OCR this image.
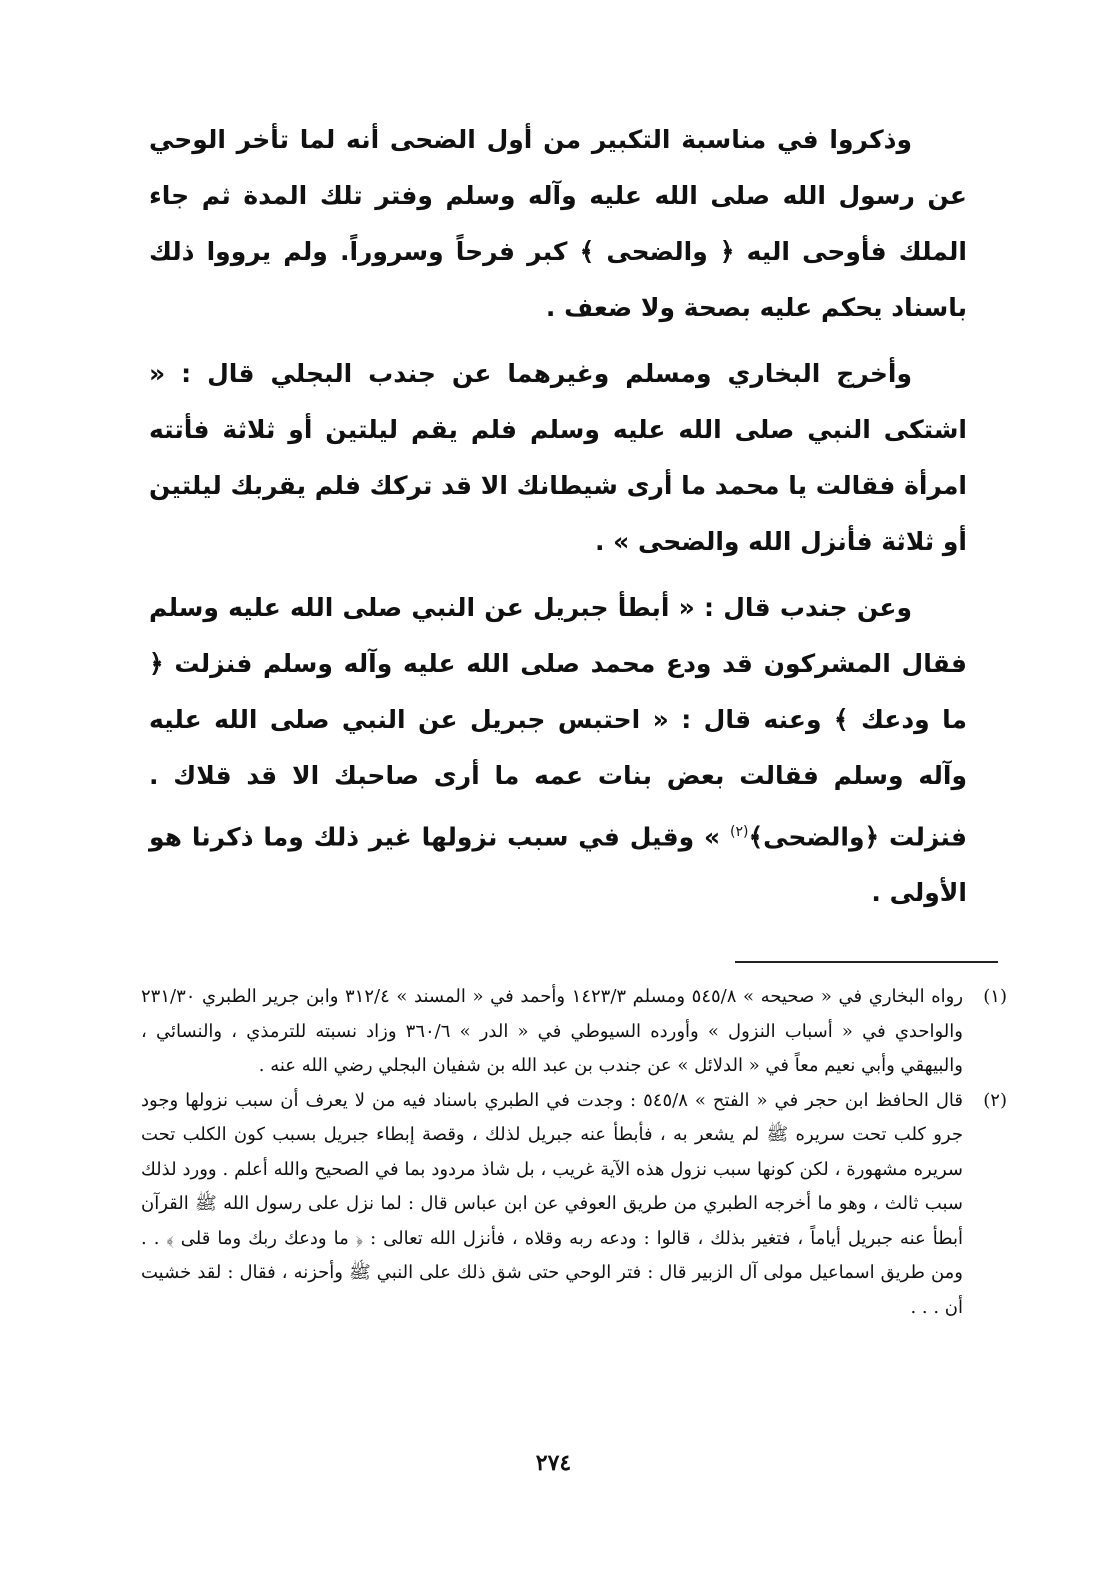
وذكروا في مناسبة التكبير من أول الضحى أنه لما تأخر الوحي عن رسول الله صلى الله عليه وآله وسلم وفتر تلك المدة ثم جاء الملك فأوحى اليه ﴿ والضحى ﴾ كبر فرحاً وسروراً. ولم يرووا ذلك باسناد يحكم عليه بصحة ولا ضعف .

وأخرج البخاري ومسلم وغيرهما عن جندب البجلي قال : « اشتكى النبي صلى الله عليه وسلم فلم يقم ليلتين أو ثلاثة فأتته امرأة فقالت يا محمد ما أرى شيطانك الا قد تركك فلم يقربك ليلتين أو ثلاثة فأنزل الله والضحى » .

وعن جندب قال : « أبطأ جبريل عن النبي صلى الله عليه وسلم فقال المشركون قد ودع محمد صلى الله عليه وآله وسلم فنزلت ﴿ ما ودعك ﴾ وعنه قال : « احتبس جبريل عن النبي صلى الله عليه وآله وسلم فقالت بعض بنات عمه ما أرى صاحبك الا قد قلاك . فنزلت ﴿والضحى﴾$^{(٢)}$ » وقيل في سبب نزولها غير ذلك وما ذكرنا هو الأولى .

(١)
رواه البخاري في « صحيحه » ٥٤٥/٨ ومسلم ١٤٢٣/٣ وأحمد في « المسند » ٣١٢/٤ وابن جرير الطبري ٢٣١/٣٠ والواحدي في « أسباب النزول » وأورده السيوطي في « الدر » ٣٦٠/٦ وزاد نسبته للترمذي ، والنسائي ، والبيهقي وأبي نعيم معاً في « الدلائل » عن جندب بن عبد الله بن شفيان البجلي رضي الله عنه .
(٢)
قال الحافظ ابن حجر في « الفتح » ٥٤٥/٨ : وجدت في الطبري باسناد فيه من لا يعرف أن سبب نزولها وجود جرو كلب تحت سريره ﷺ لم يشعر به ، فأبطأ عنه جبريل لذلك ، وقصة إبطاء جبريل بسبب كون الكلب تحت سريره مشهورة ، لكن كونها سبب نزول هذه الآية غريب ، بل شاذ مردود بما في الصحيح والله أعلم . وورد لذلك سبب ثالث ، وهو ما أخرجه الطبري من طريق العوفي عن ابن عباس قال : لما نزل على رسول الله ﷺ القرآن أبطأ عنه جبريل أياماً ، فتغير بذلك ، قالوا : ودعه ربه وقلاه ، فأنزل الله تعالى : ﴿ ما ودعك ربك وما قلى ﴾ . . ومن طريق اسماعيل مولى آل الزبير قال : فتر الوحي حتى شق ذلك على النبي ﷺ وأحزنه ، فقال : لقد خشيت أن . . .
٢٧٤
